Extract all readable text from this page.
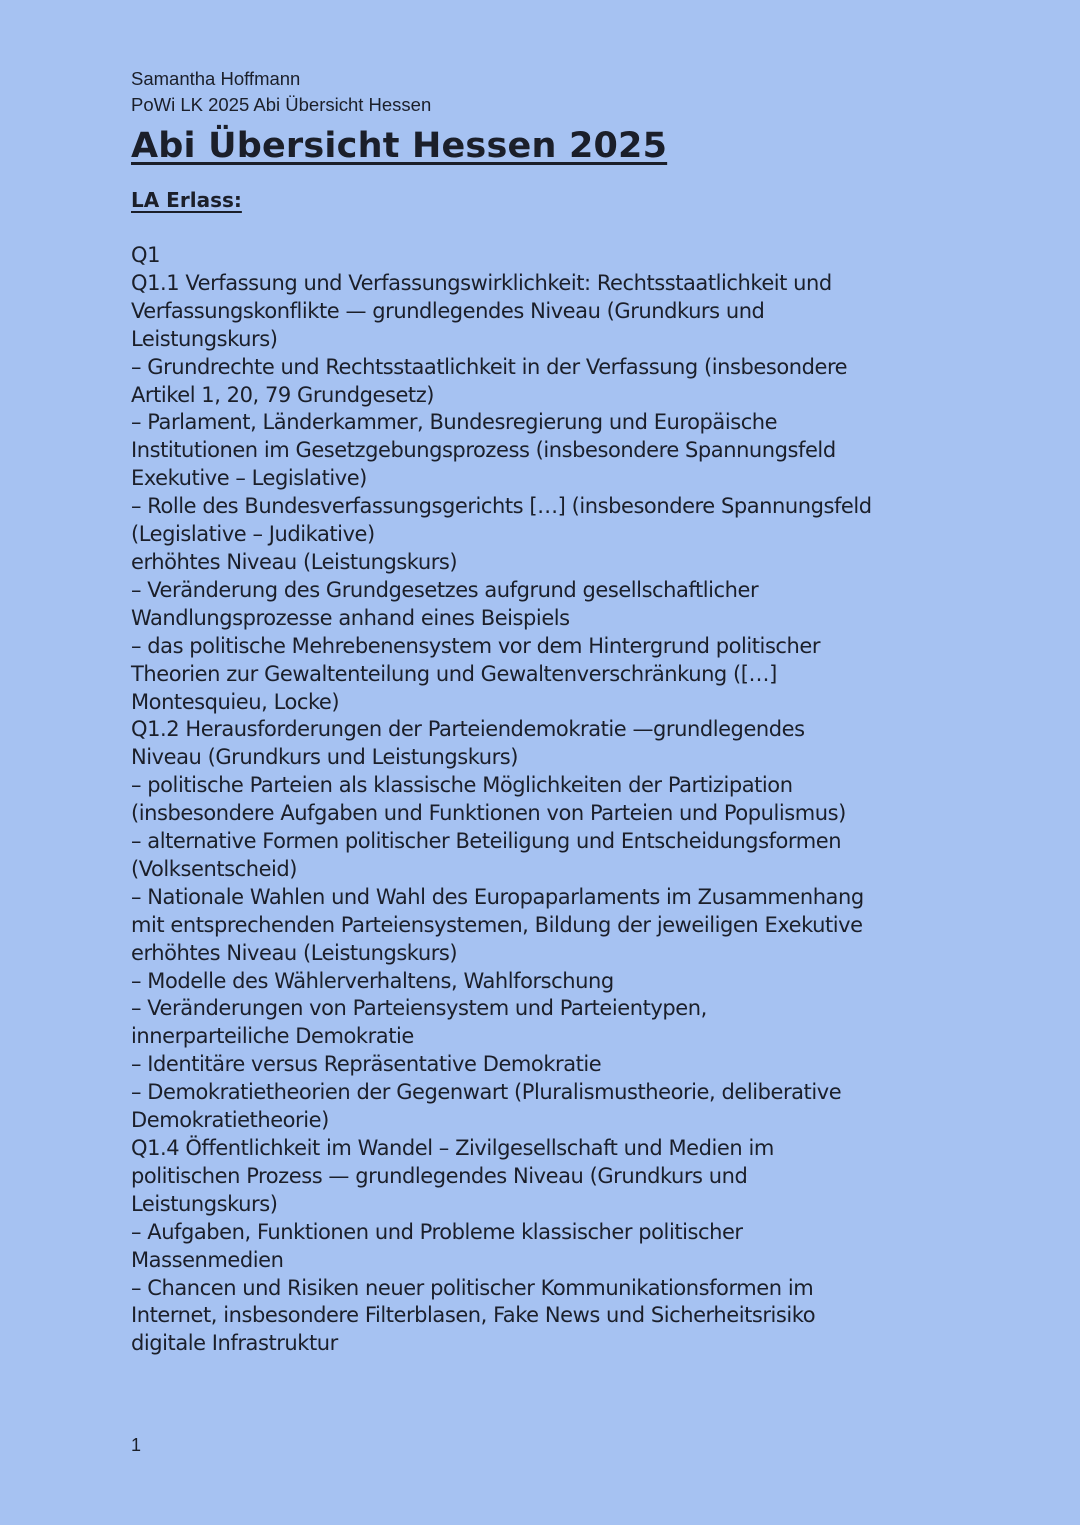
Samantha Hoffmann
PoWi LK 2025 Abi Übersicht Hessen
Abi Übersicht Hessen 2025
LA Erlass:
Q1
Q1.1 Verfassung und Verfassungswirklichkeit: Rechtsstaatlichkeit und
Verfassungskonflikte — grundlegendes Niveau (Grundkurs und
Leistungskurs)
– Grundrechte und Rechtsstaatlichkeit in der Verfassung (insbesondere
Artikel 1, 20, 79 Grundgesetz)
– Parlament, Länderkammer, Bundesregierung und Europäische
Institutionen im Gesetzgebungsprozess (insbesondere Spannungsfeld
Exekutive – Legislative)
– Rolle des Bundesverfassungsgerichts […] (insbesondere Spannungsfeld
(Legislative – Judikative)
erhöhtes Niveau (Leistungskurs)
– Veränderung des Grundgesetzes aufgrund gesellschaftlicher
Wandlungsprozesse anhand eines Beispiels
– das politische Mehrebenensystem vor dem Hintergrund politischer
Theorien zur Gewaltenteilung und Gewaltenverschränkung ([…]
Montesquieu, Locke)
Q1.2 Herausforderungen der Parteiendemokratie —grundlegendes
Niveau (Grundkurs und Leistungskurs)
– politische Parteien als klassische Möglichkeiten der Partizipation
(insbesondere Aufgaben und Funktionen von Parteien und Populismus)
– alternative Formen politischer Beteiligung und Entscheidungsformen
(Volksentscheid)
– Nationale Wahlen und Wahl des Europaparlaments im Zusammenhang
mit entsprechenden Parteiensystemen, Bildung der jeweiligen Exekutive
erhöhtes Niveau (Leistungskurs)
– Modelle des Wählerverhaltens, Wahlforschung
– Veränderungen von Parteiensystem und Parteientypen,
innerparteiliche Demokratie
– Identitäre versus Repräsentative Demokratie
– Demokratietheorien der Gegenwart (Pluralismustheorie, deliberative
Demokratietheorie)
Q1.4 Öffentlichkeit im Wandel – Zivilgesellschaft und Medien im
politischen Prozess — grundlegendes Niveau (Grundkurs und
Leistungskurs)
– Aufgaben, Funktionen und Probleme klassischer politischer
Massenmedien
– Chancen und Risiken neuer politischer Kommunikationsformen im
Internet, insbesondere Filterblasen, Fake News und Sicherheitsrisiko
digitale Infrastruktur
1
